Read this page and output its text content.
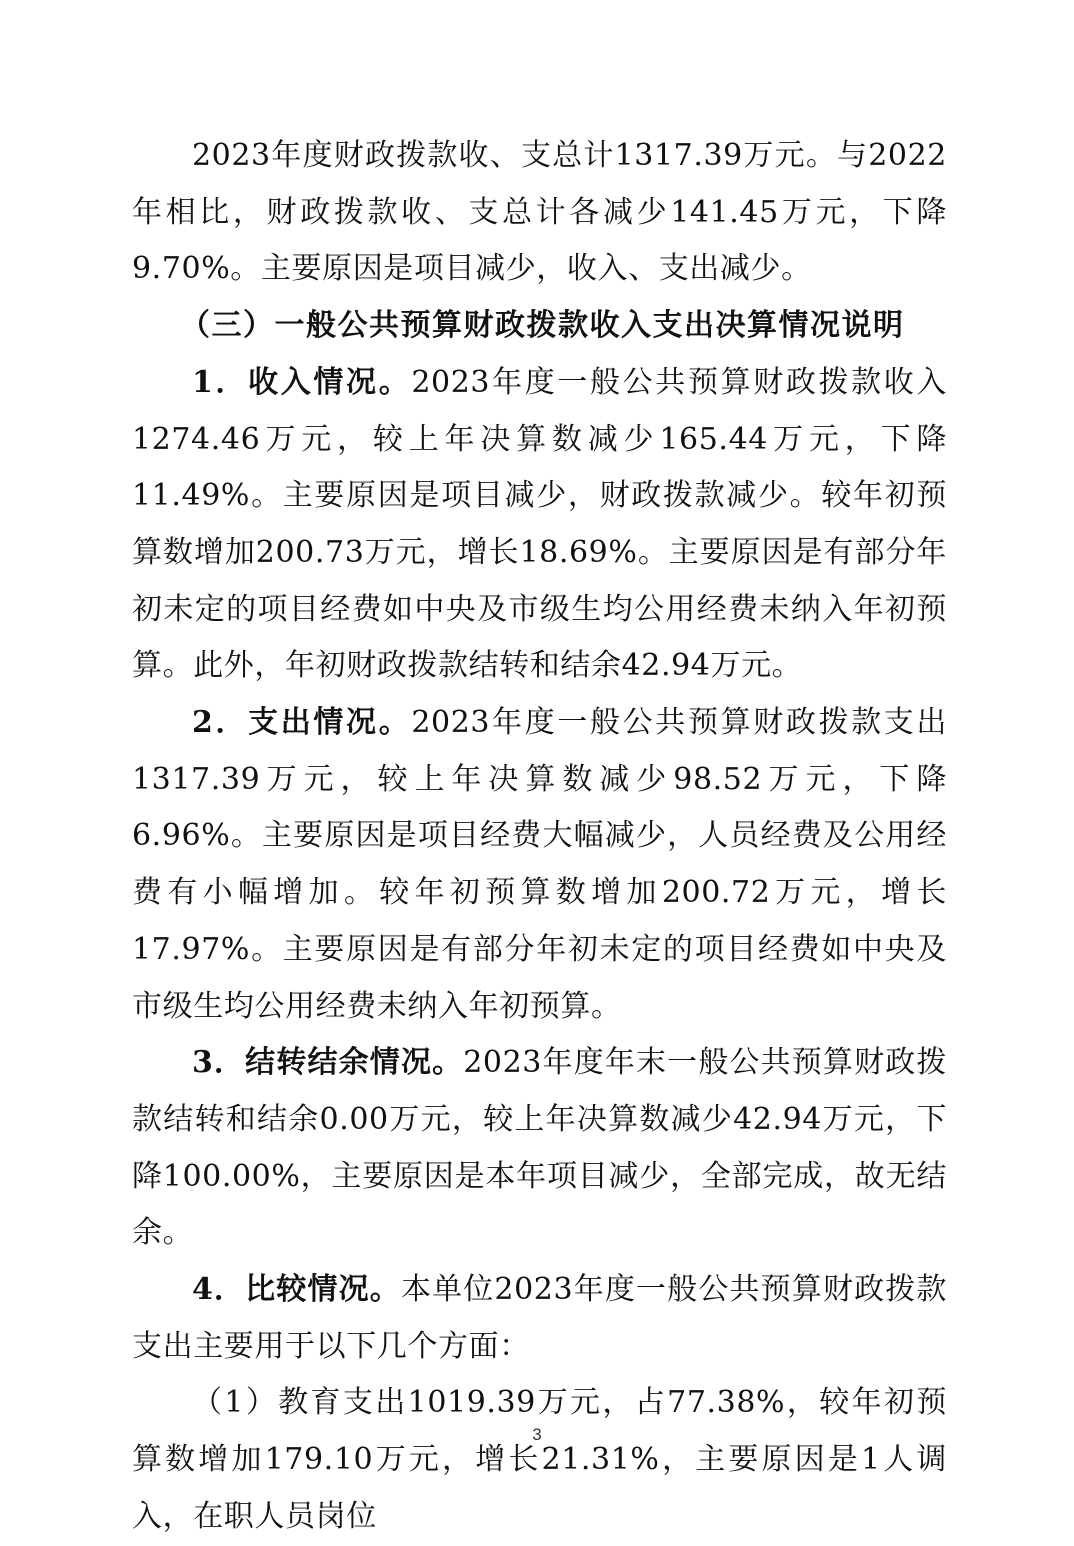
2023年度财政拨款收、支总计1317.39万元。与2022年相比，财政拨款收、支总计各减少141.45万元，下降9.70%。主要原因是项目减少，收入、支出减少。

（三）一般公共预算财政拨款收入支出决算情况说明

1．收入情况。2023年度一般公共预算财政拨款收入1274.46万元，较上年决算数减少165.44万元，下降11.49%。主要原因是项目减少，财政拨款减少。较年初预算数增加200.73万元，增长18.69%。主要原因是有部分年初未定的项目经费如中央及市级生均公用经费未纳入年初预算。此外，年初财政拨款结转和结余42.94万元。

2．支出情况。2023年度一般公共预算财政拨款支出1317.39万元，较上年决算数减少98.52万元，下降6.96%。主要原因是项目经费大幅减少，人员经费及公用经费有小幅增加。较年初预算数增加200.72万元，增长17.97%。主要原因是有部分年初未定的项目经费如中央及市级生均公用经费未纳入年初预算。

3．结转结余情况。2023年度年末一般公共预算财政拨款结转和结余0.00万元，较上年决算数减少42.94万元，下降100.00%，主要原因是本年项目减少，全部完成，故无结余。

4．比较情况。本单位2023年度一般公共预算财政拨款支出主要用于以下几个方面：

（1）教育支出1019.39万元，占77.38%，较年初预算数增加179.10万元，增长21.31%，主要原因是1人调入，在职人员岗位

3
